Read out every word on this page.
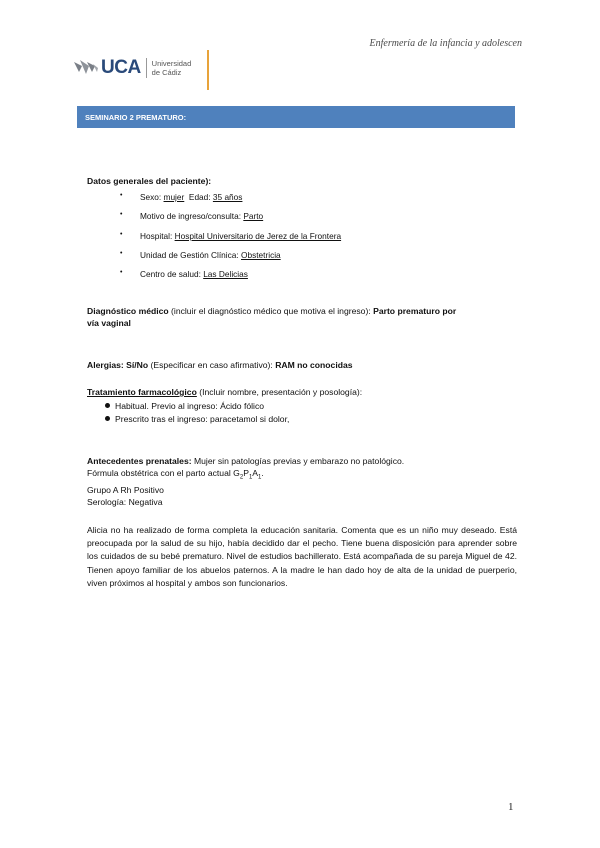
Enfermería de la infancia y adolescen
UCA Universidad
de Cádiz
SEMINARIO 2 PREMATURO:
Datos generales del paciente):
• Sexo: mujer Edad: 35 años
• Motivo de ingreso/consulta: Parto
• Hospital: Hospital Universitario de Jerez de la Frontera
• Unidad de Gestión Clínica: Obstetricia
• Centro de salud: Las Delicias
Diagnóstico médico (incluir el diagnóstico médico que motiva el ingreso): Parto prematuro por
vía vaginal
Alergias: Sí/No (Especificar en caso afirmativo): RAM no conocidas
Tratamiento farmacológico (Incluir nombre, presentación y posología):
Habitual. Previo al ingreso: Ácido fólico
Prescrito tras el ingreso: paracetamol si dolor,
Antecedentes prenatales: Mujer sin patologías previas y embarazo no patológico.
Fórmula obstétrica con el parto actual $G_2P_1A_1$.
Grupo A Rh Positivo
Serología: Negativa
Alicia no ha realizado de forma completa la educación sanitaria. Comenta que es un niño muy deseado. Está preocupada por la salud de su hijo, había decidido dar el pecho. Tiene buena disposición para aprender sobre los cuidados de su bebé prematuro. Nivel de estudios bachillerato. Está acompañada de su pareja Miguel de 42. Tienen apoyo familiar de los abuelos paternos. A la madre le han dado hoy de alta de la unidad de puerperio, viven próximos al hospital y ambos son funcionarios.
1
